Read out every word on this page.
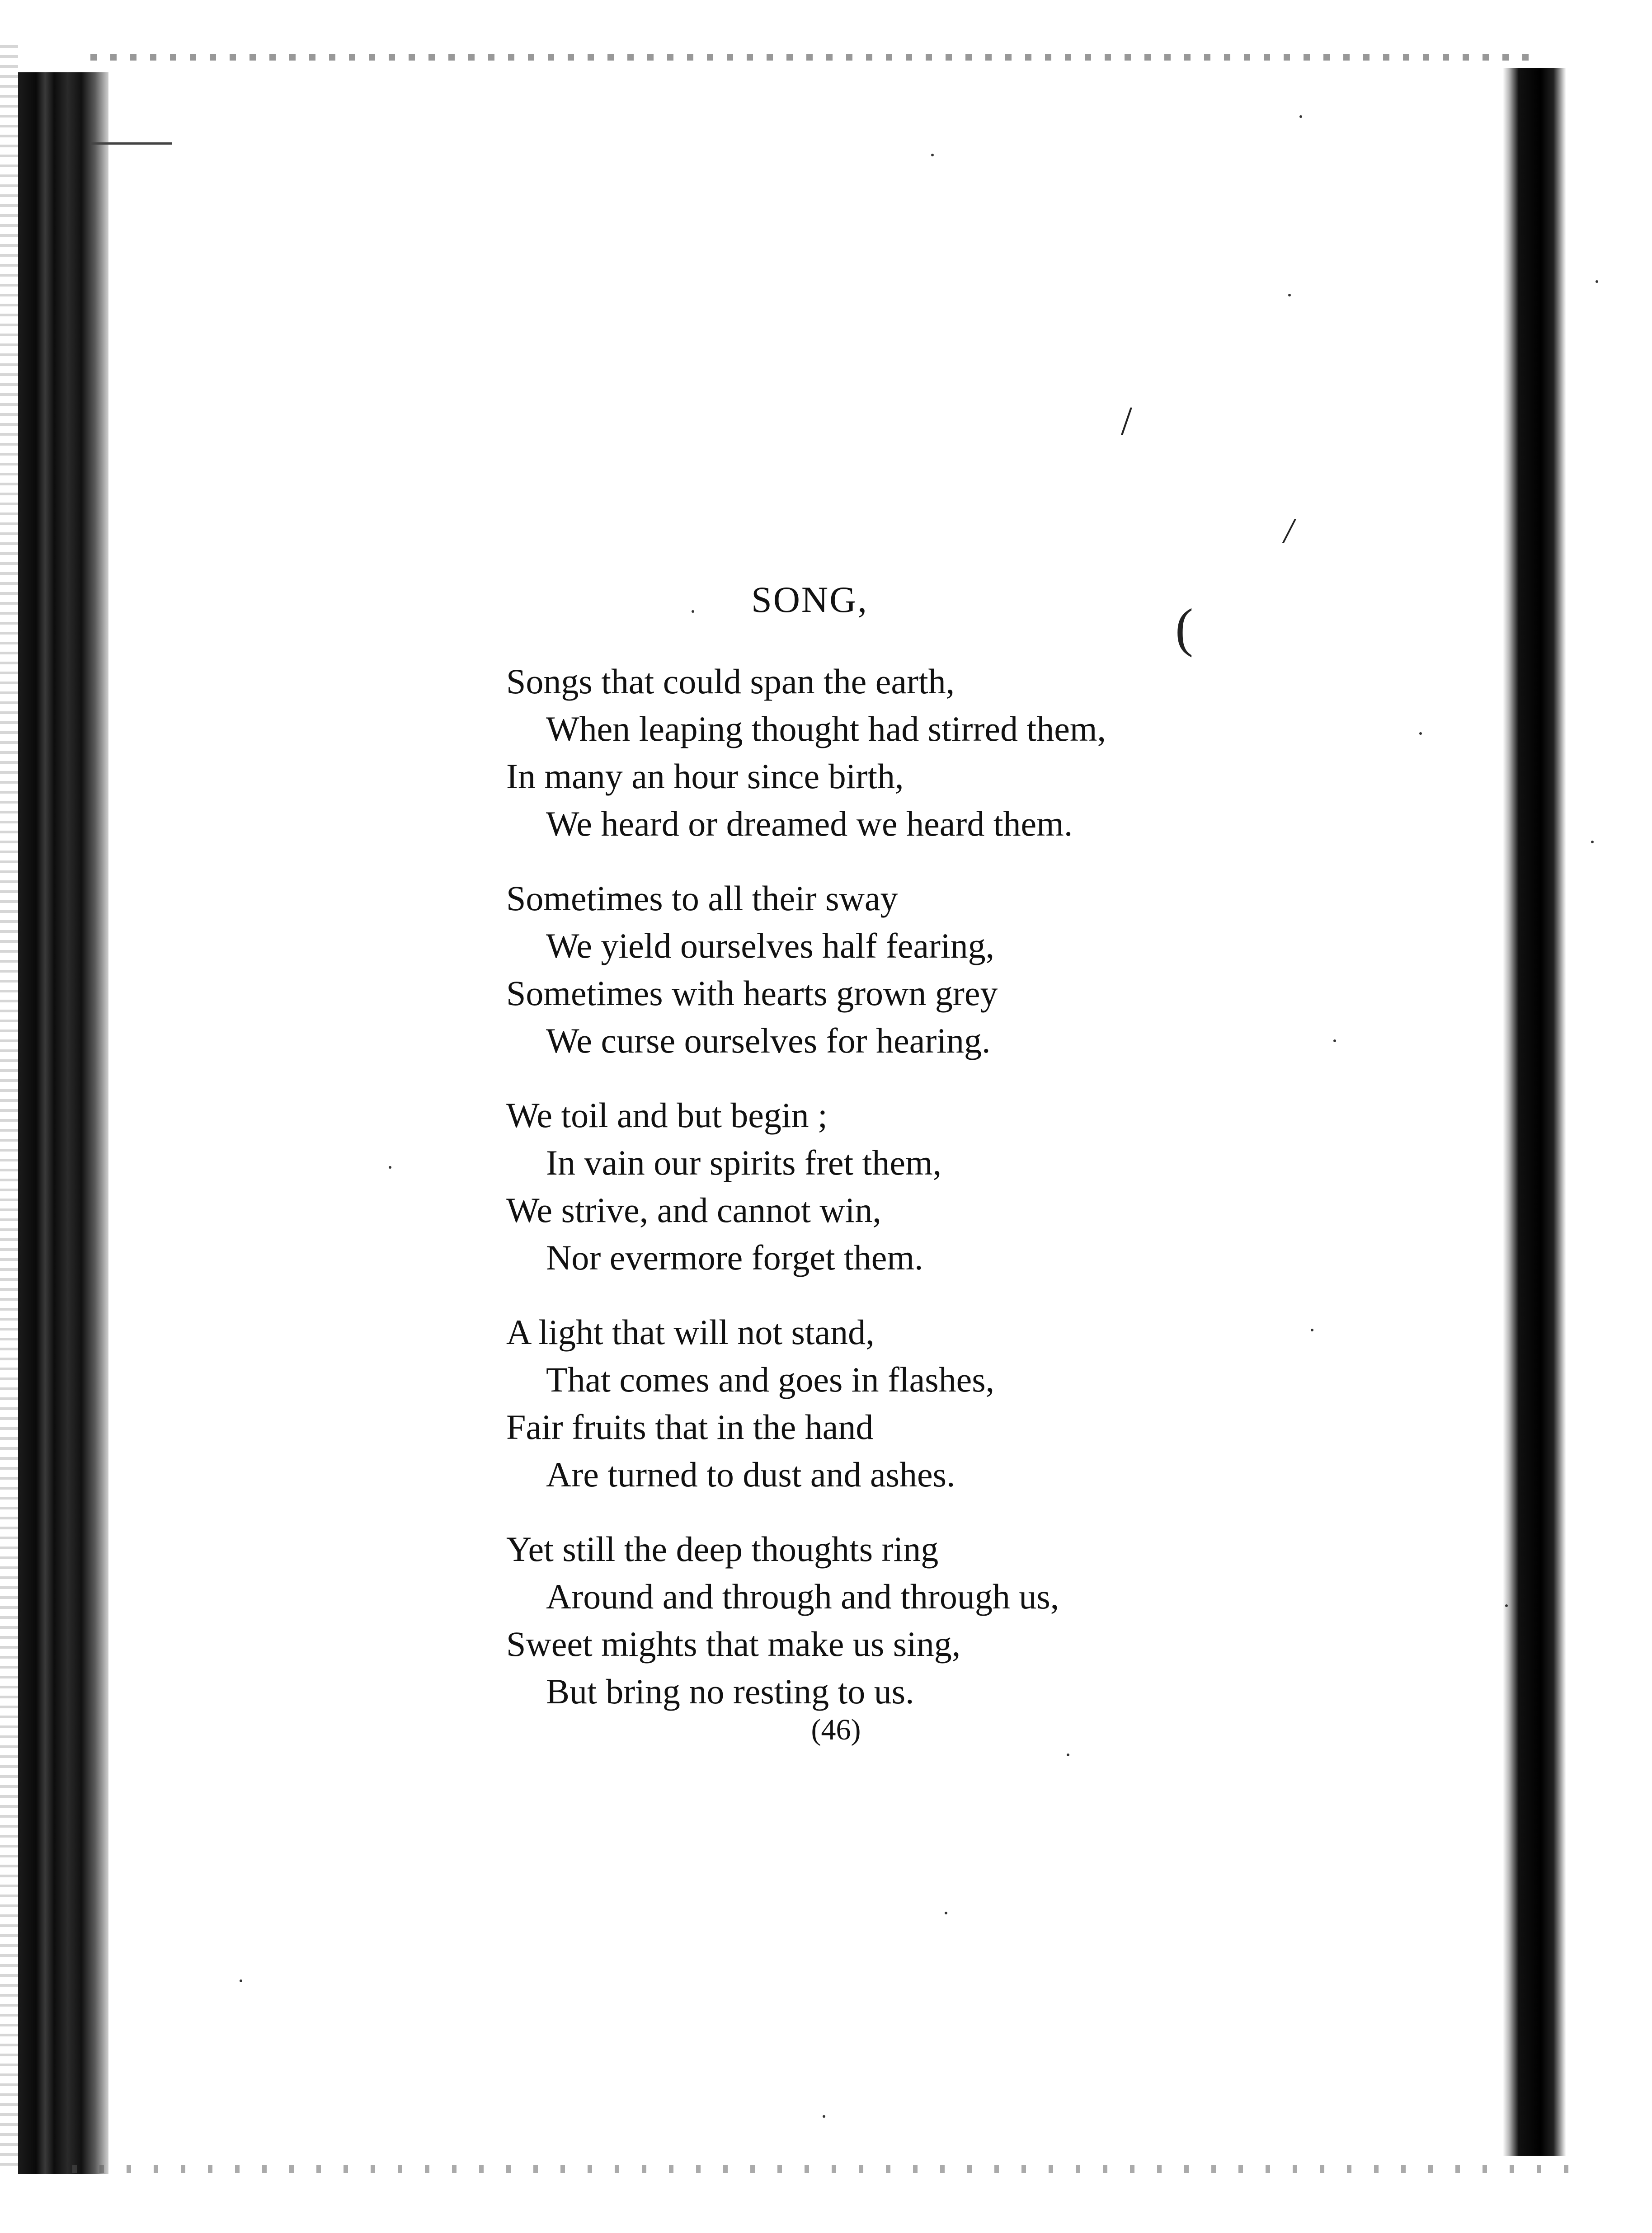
/
/
(
SONG,
Songs that could span the earth,
When leaping thought had stirred them,
In many an hour since birth,
We heard or dreamed we heard them.
Sometimes to all their sway
We yield ourselves half fearing,
Sometimes with hearts grown grey
We curse ourselves for hearing.
We toil and but begin ;
In vain our spirits fret them,
We strive, and cannot win,
Nor evermore forget them.
A light that will not stand,
That comes and goes in flashes,
Fair fruits that in the hand
Are turned to dust and ashes.
Yet still the deep thoughts ring
Around and through and through us,
Sweet mights that make us sing,
But bring no resting to us.
(46)
